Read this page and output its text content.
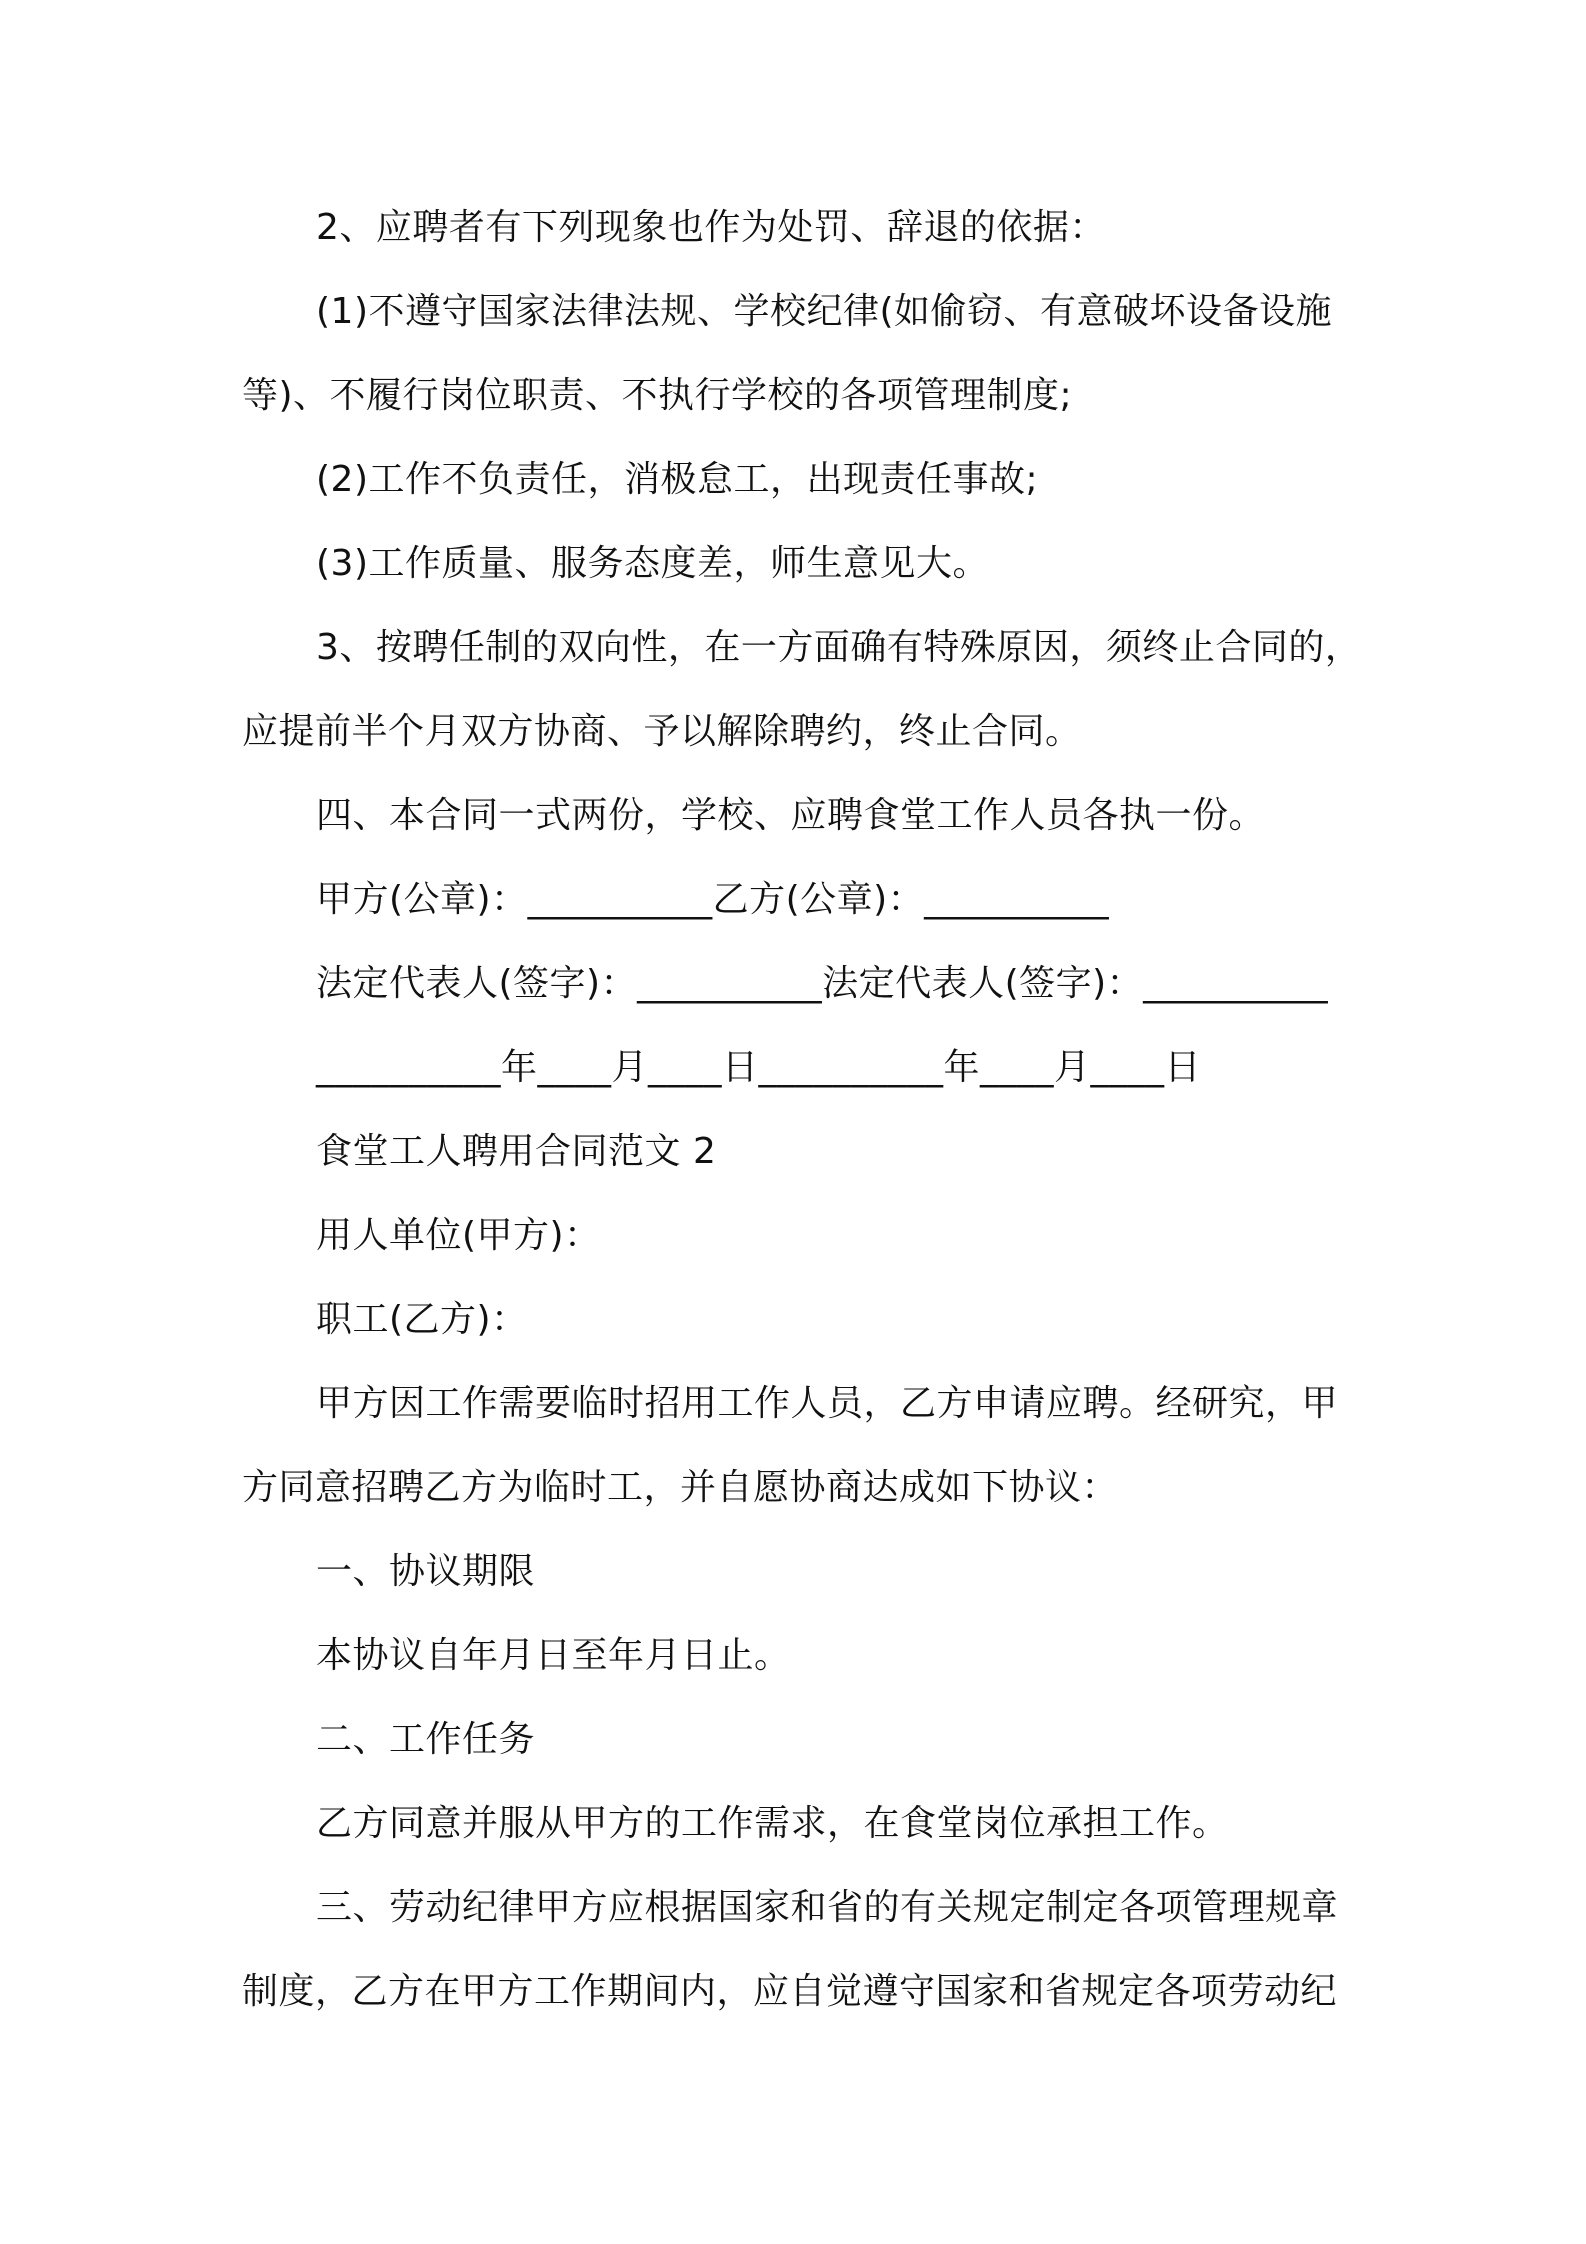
2、应聘者有下列现象也作为处罚、辞退的依据：
(1)不遵守国家法律法规、学校纪律(如偷窃、有意破坏设备设施
等)、不履行岗位职责、不执行学校的各项管理制度;
(2)工作不负责任，消极怠工，出现责任事故;
(3)工作质量、服务态度差，师生意见大。
3、按聘任制的双向性，在一方面确有特殊原因，须终止合同的，
应提前半个月双方协商、予以解除聘约，终止合同。
四、本合同一式两份，学校、应聘食堂工作人员各执一份。
甲方(公章)：__________乙方(公章)：__________
法定代表人(签字)：__________法定代表人(签字)：__________
__________年____月____日__________年____月____日
食堂工人聘用合同范文 2
用人单位(甲方)：
职工(乙方)：
甲方因工作需要临时招用工作人员，乙方申请应聘。经研究，甲
方同意招聘乙方为临时工，并自愿协商达成如下协议：
一、协议期限
本协议自年月日至年月日止。
二、工作任务
乙方同意并服从甲方的工作需求，在食堂岗位承担工作。
三、劳动纪律甲方应根据国家和省的有关规定制定各项管理规章
制度，乙方在甲方工作期间内，应自觉遵守国家和省规定各项劳动纪
